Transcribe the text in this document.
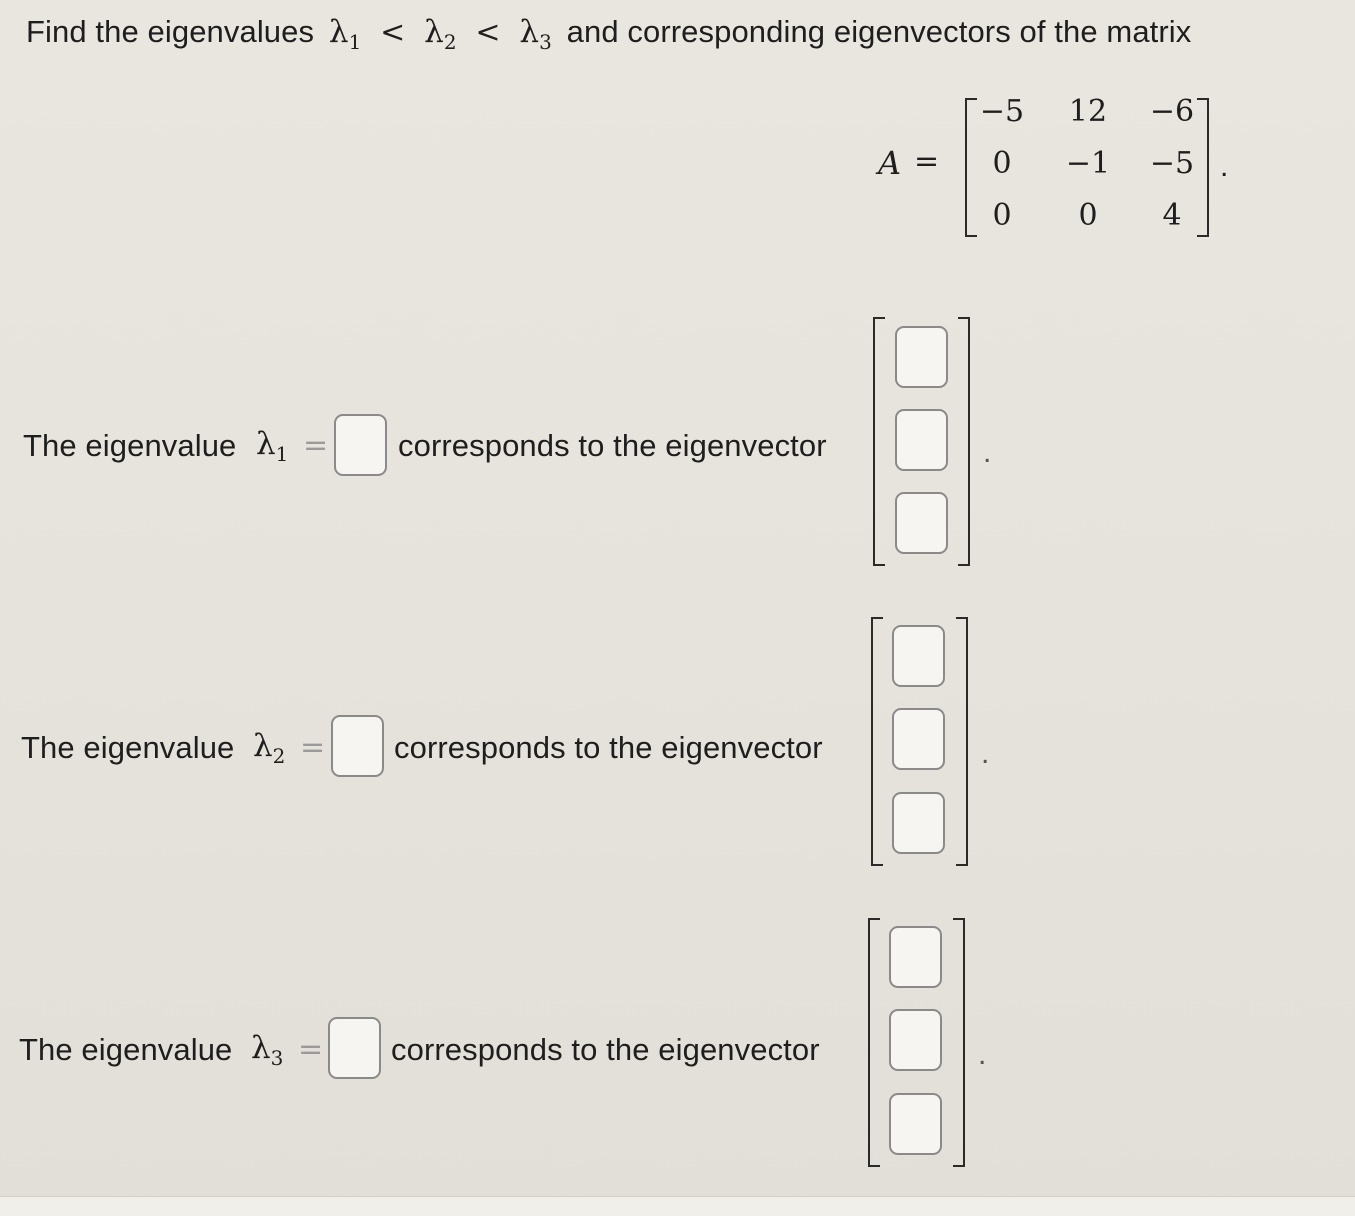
Find the eigenvalues $\lambda_1 < \lambda_2 < \lambda_3$ and corresponding eigenvectors of the matrix
A =
−5	12	−6
0	−1	−5
0	0	4
.
The eigenvalue λ1 = corresponds to the eigenvector	.
The eigenvalue λ2 = corresponds to the eigenvector	.
The eigenvalue λ3 = corresponds to the eigenvector	.
